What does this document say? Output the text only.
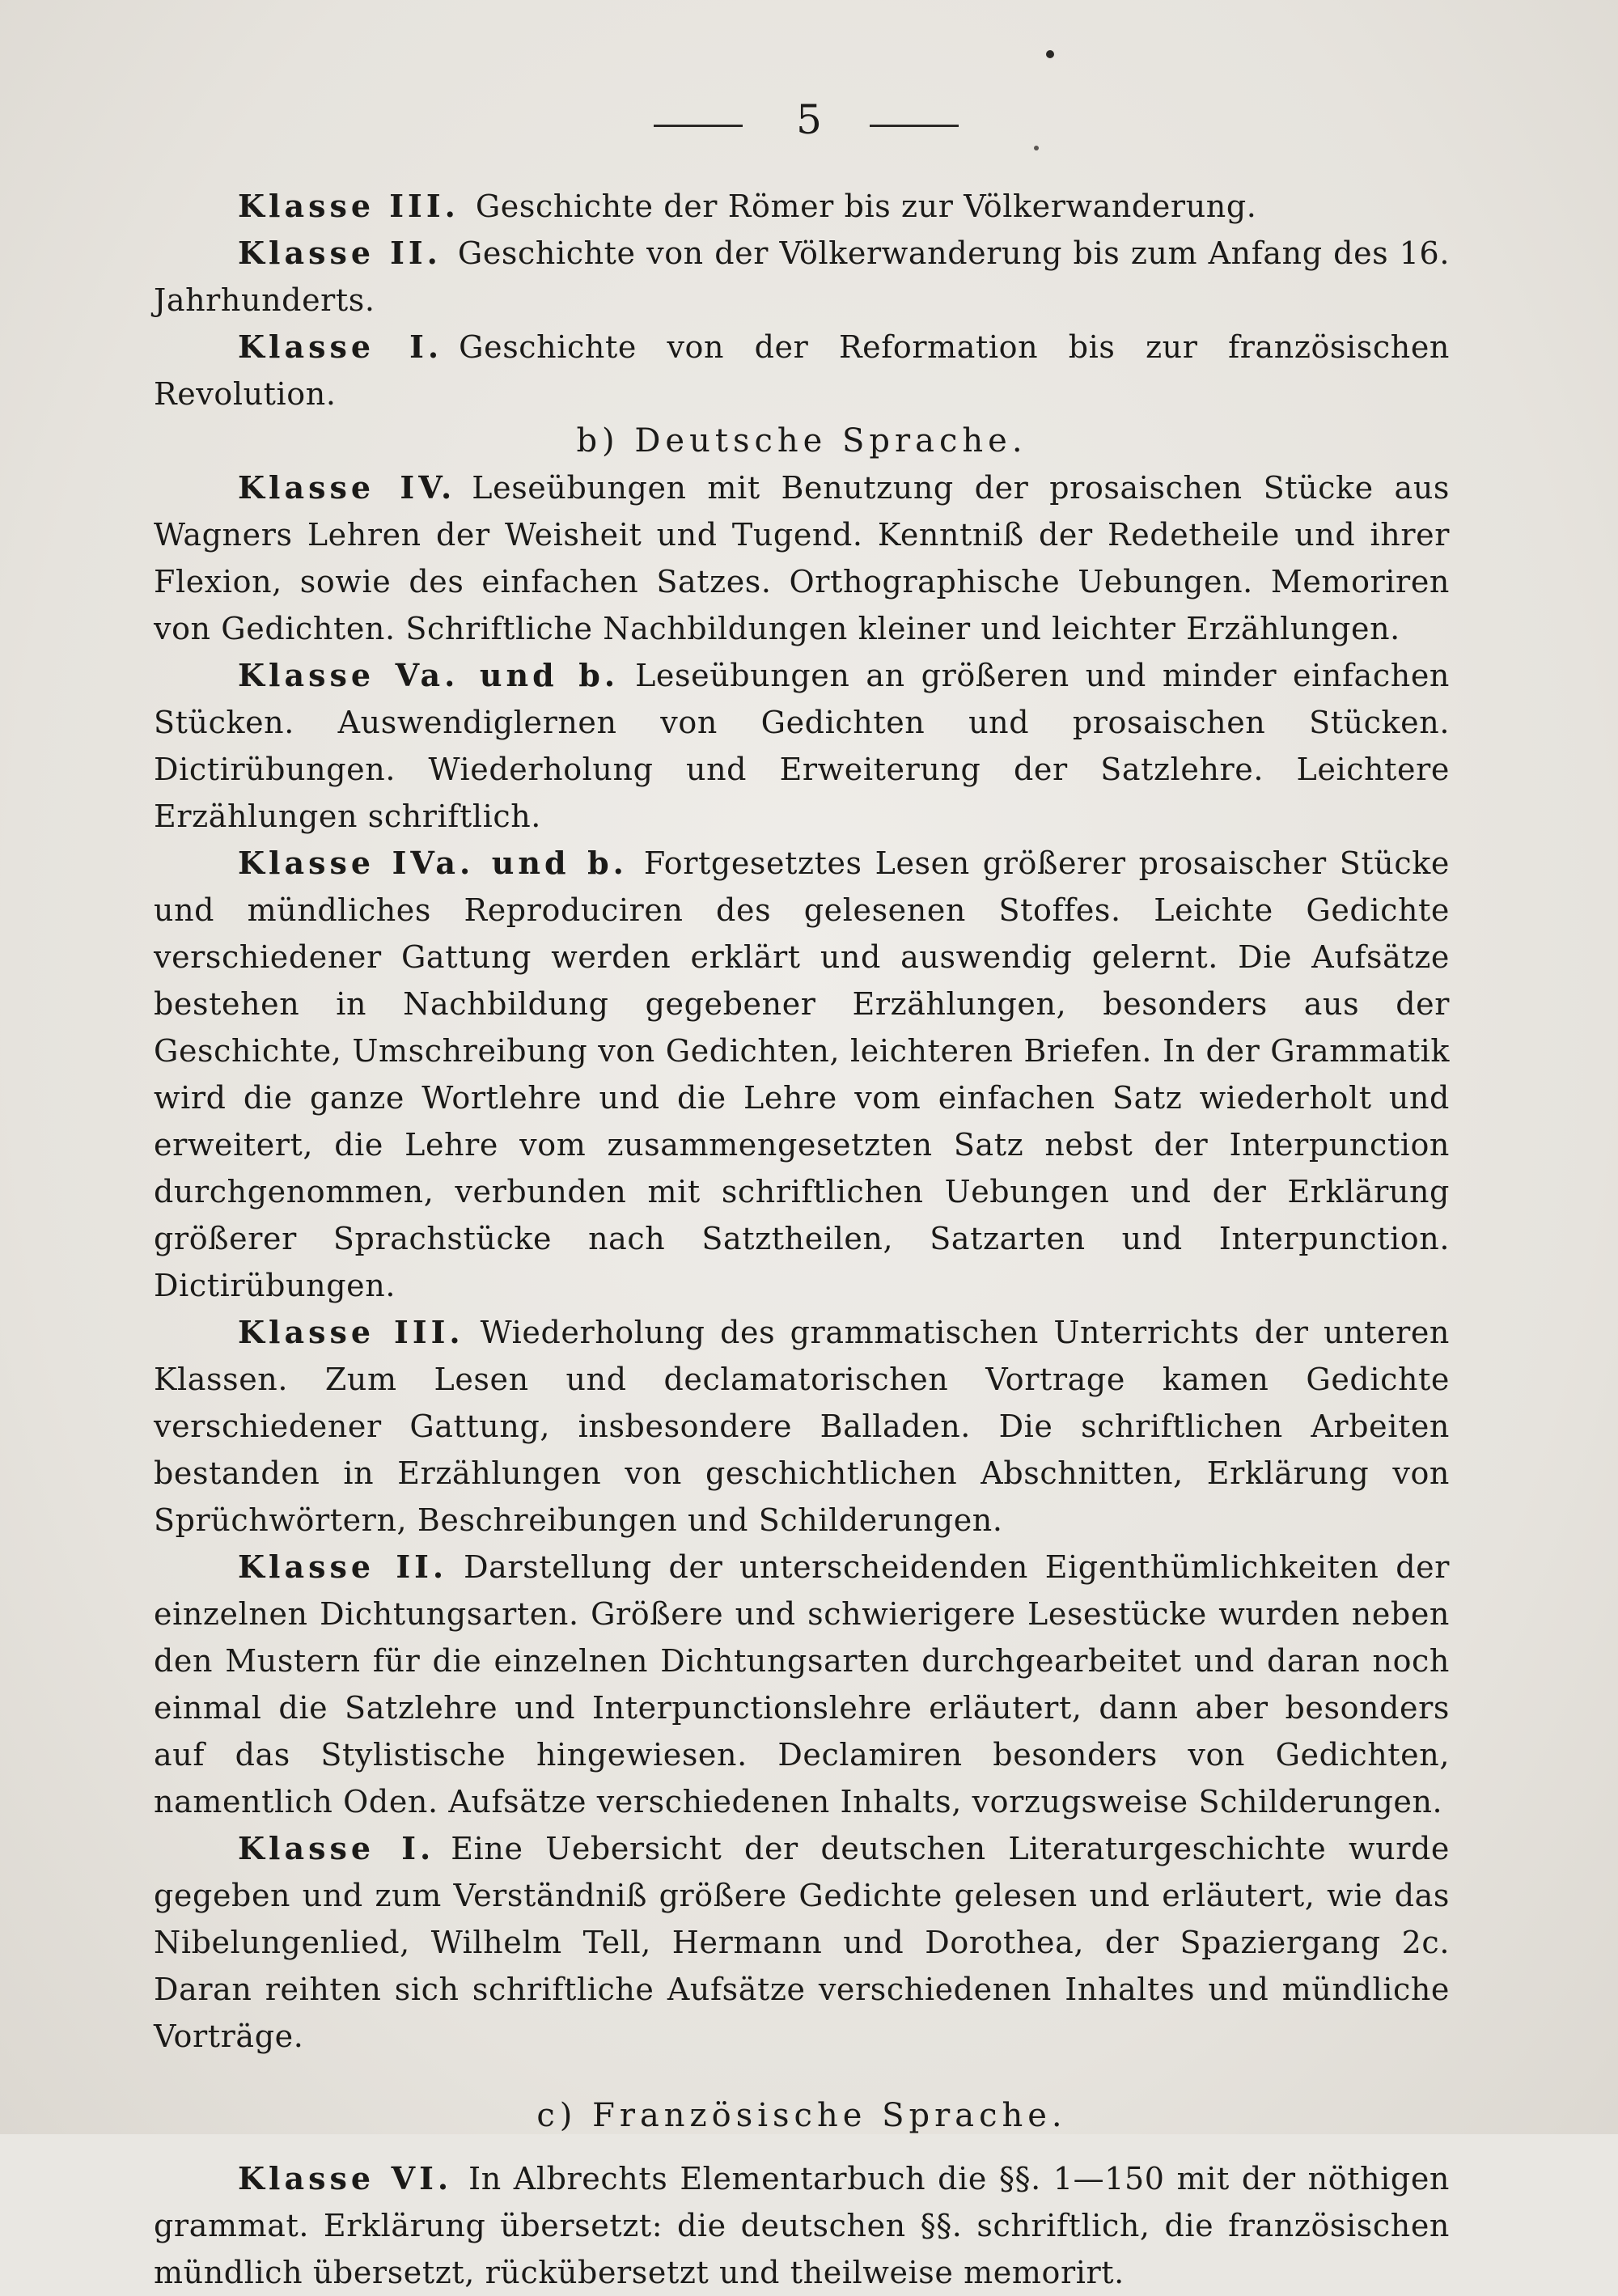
5

Klasse III. Geschichte der Römer bis zur Völkerwanderung.

Klasse II. Geschichte von der Völkerwanderung bis zum Anfang des 16. Jahrhunderts.

Klasse I. Geschichte von der Reformation bis zur französischen Revolution.

b) Deutsche Sprache.

Klasse IV. Leseübungen mit Benutzung der prosaischen Stücke aus Wagners Lehren der Weisheit und Tugend. Kenntniß der Redetheile und ihrer Flexion, sowie des einfachen Satzes. Orthographische Uebungen. Memoriren von Gedichten. Schriftliche Nachbildungen kleiner und leichter Erzählungen.

Klasse Va. und b. Leseübungen an größeren und minder einfachen Stücken. Auswendiglernen von Gedichten und prosaischen Stücken. Dictirübungen. Wiederholung und Erweiterung der Satzlehre. Leichtere Erzählungen schriftlich.

Klasse IVa. und b. Fortgesetztes Lesen größerer prosaischer Stücke und mündliches Reproduciren des gelesenen Stoffes. Leichte Gedichte verschiedener Gattung werden erklärt und auswendig gelernt. Die Aufsätze bestehen in Nachbildung gegebener Erzählungen, besonders aus der Geschichte, Umschreibung von Gedichten, leichteren Briefen. In der Grammatik wird die ganze Wortlehre und die Lehre vom einfachen Satz wiederholt und erweitert, die Lehre vom zusammengesetzten Satz nebst der Interpunction durchgenommen, verbunden mit schriftlichen Uebungen und der Erklärung größerer Sprachstücke nach Satztheilen, Satzarten und Interpunction. Dictirübungen.

Klasse III. Wiederholung des grammatischen Unterrichts der unteren Klassen. Zum Lesen und declamatorischen Vortrage kamen Gedichte verschiedener Gattung, insbesondere Balladen. Die schriftlichen Arbeiten bestanden in Erzählungen von geschichtlichen Abschnitten, Erklärung von Sprüchwörtern, Beschreibungen und Schilderungen.

Klasse II. Darstellung der unterscheidenden Eigenthümlichkeiten der einzelnen Dichtungsarten. Größere und schwierigere Lesestücke wurden neben den Mustern für die einzelnen Dichtungsarten durchgearbeitet und daran noch einmal die Satzlehre und Interpunctionslehre erläutert, dann aber besonders auf das Stylistische hingewiesen. Declamiren besonders von Gedichten, namentlich Oden. Aufsätze verschiedenen Inhalts, vorzugsweise Schilderungen.

Klasse I. Eine Uebersicht der deutschen Literaturgeschichte wurde gegeben und zum Verständniß größere Gedichte gelesen und erläutert, wie das Nibelungenlied, Wilhelm Tell, Hermann und Dorothea, der Spaziergang 2c. Daran reihten sich schriftliche Aufsätze verschiedenen Inhaltes und mündliche Vorträge.

c) Französische Sprache.

Klasse VI. In Albrechts Elementarbuch die §§. 1—150 mit der nöthigen grammat. Erklärung übersetzt: die deutschen §§. schriftlich, die französischen mündlich übersetzt, rückübersetzt und theilweise memorirt.
